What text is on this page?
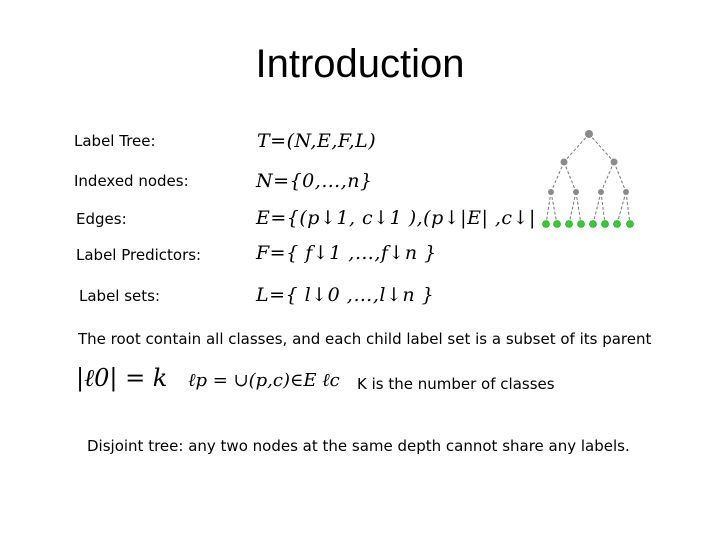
Introduction
Label Tree:
Indexed nodes:
Edges:
Label Predictors:
Label sets:
T=(N,E,F,L)
N={0,…,n}
E={(p↓1, c↓1 ),(p↓|E| ,c↓|
F={ f↓1 ,…,f↓n }
L={ l↓0 ,…,l↓n }
The root contain all classes, and each child label set is a subset of its parent
|ℓ0| = k ℓp = ∪(p,c)∈E ℓc K is the number of classes
Disjoint tree: any two nodes at the same depth cannot share any labels.
